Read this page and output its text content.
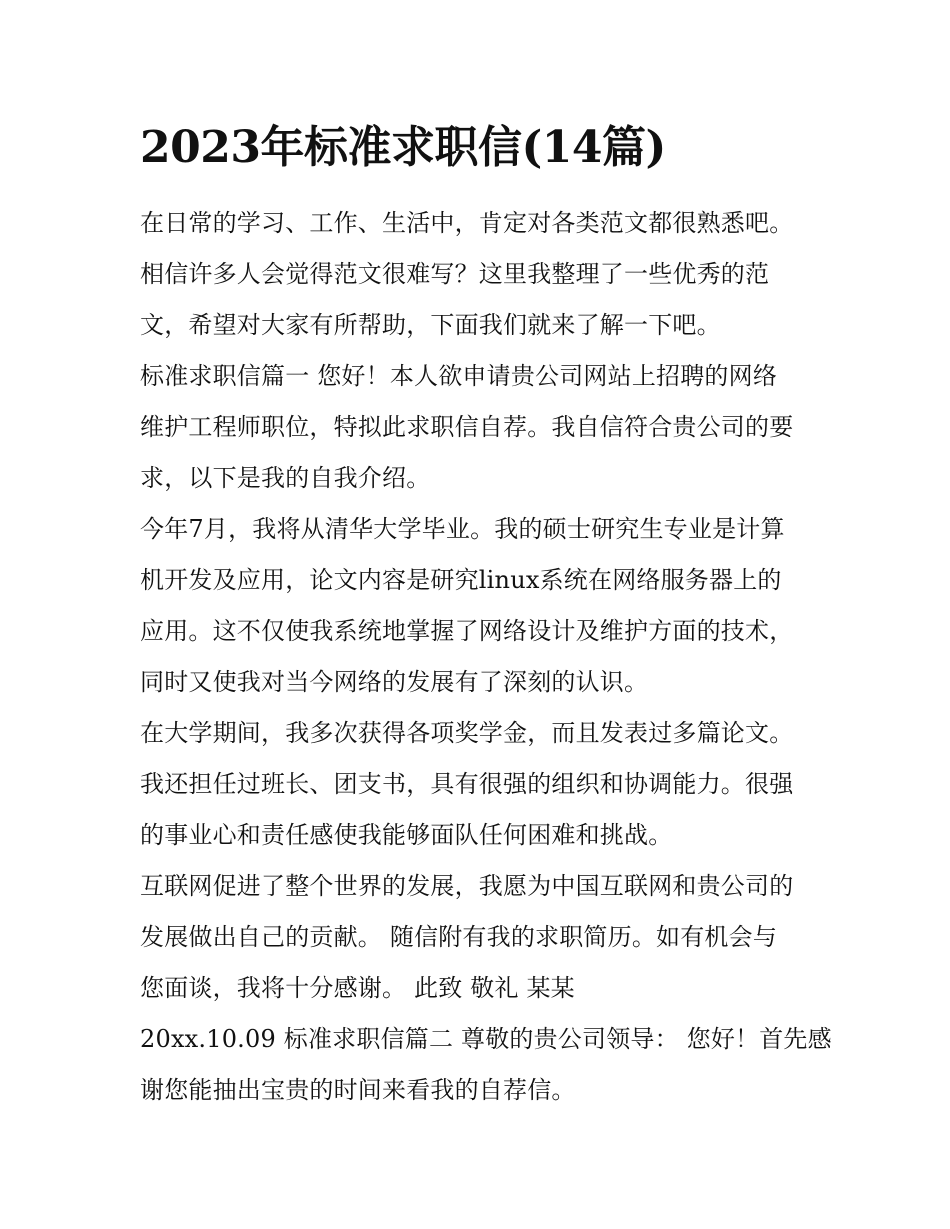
2023年标准求职信(14篇)
在日常的学习、工作、生活中，肯定对各类范文都很熟悉吧。
相信许多人会觉得范文很难写？这里我整理了一些优秀的范
文，希望对大家有所帮助，下面我们就来了解一下吧。
标准求职信篇一 您好！本人欲申请贵公司网站上招聘的网络
维护工程师职位，特拟此求职信自荐。我自信符合贵公司的要
求，以下是我的自我介绍。
今年7月，我将从清华大学毕业。我的硕士研究生专业是计算
机开发及应用，论文内容是研究linux系统在网络服务器上的
应用。这不仅使我系统地掌握了网络设计及维护方面的技术，
同时又使我对当今网络的发展有了深刻的认识。
在大学期间，我多次获得各项奖学金，而且发表过多篇论文。
我还担任过班长、团支书，具有很强的组织和协调能力。很强
的事业心和责任感使我能够面队任何困难和挑战。
互联网促进了整个世界的发展，我愿为中国互联网和贵公司的
发展做出自己的贡献。 随信附有我的求职简历。如有机会与
您面谈，我将十分感谢。 此致 敬礼 某某
20xx.10.09 标准求职信篇二 尊敬的贵公司领导： 您好！首先感
谢您能抽出宝贵的时间来看我的自荐信。
